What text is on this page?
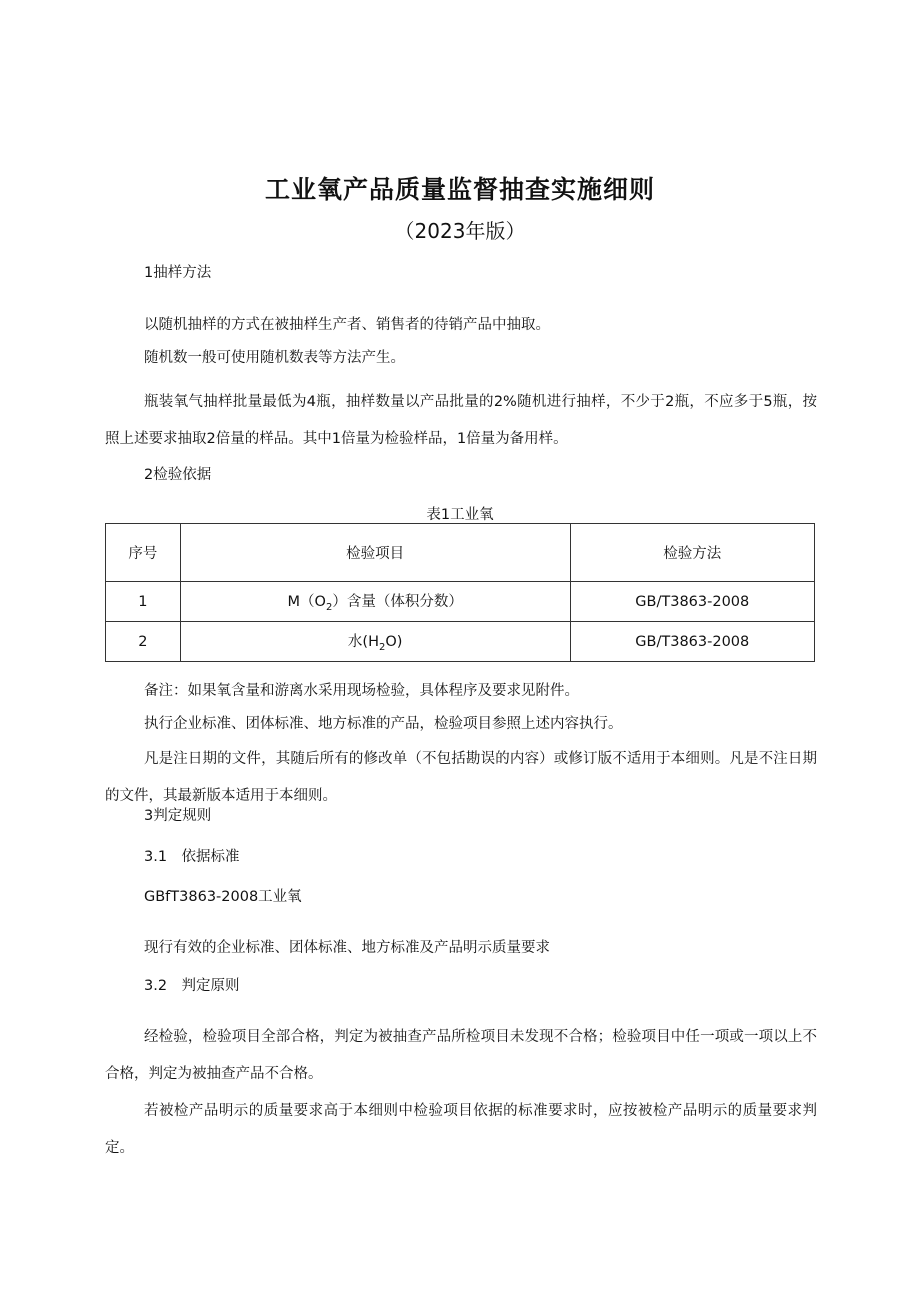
工业氧产品质量监督抽查实施细则

（2023年版）

1抽样方法

以随机抽样的方式在被抽样生产者、销售者的待销产品中抽取。

随机数一般可使用随机数表等方法产生。

瓶装氧气抽样批量最低为4瓶，抽样数量以产品批量的2%随机进行抽样，不少于2瓶，不应多于5瓶，按照上述要求抽取2倍量的样品。其中1倍量为检验样品，1倍量为备用样。

2检验依据

表1工业氧

序号	检验项目	检验方法
1	$M(O_2)$含量（体积分数）	GB/T3863-2008
2	水$(H_2O)$	GB/T3863-2008

备注：如果氧含量和游离水采用现场检验，具体程序及要求见附件。

执行企业标准、团体标准、地方标准的产品，检验项目参照上述内容执行。

凡是注日期的文件，其随后所有的修改单（不包括勘误的内容）或修订版不适用于本细则。凡是不注日期的文件，其最新版本适用于本细则。

3判定规则

3.1　依据标准

GBfT3863-2008工业氧

现行有效的企业标准、团体标准、地方标准及产品明示质量要求

3.2　判定原则

经检验，检验项目全部合格，判定为被抽查产品所检项目未发现不合格；检验项目中任一项或一项以上不合格，判定为被抽查产品不合格。

若被检产品明示的质量要求高于本细则中检验项目依据的标准要求时，应按被检产品明示的质量要求判定。
